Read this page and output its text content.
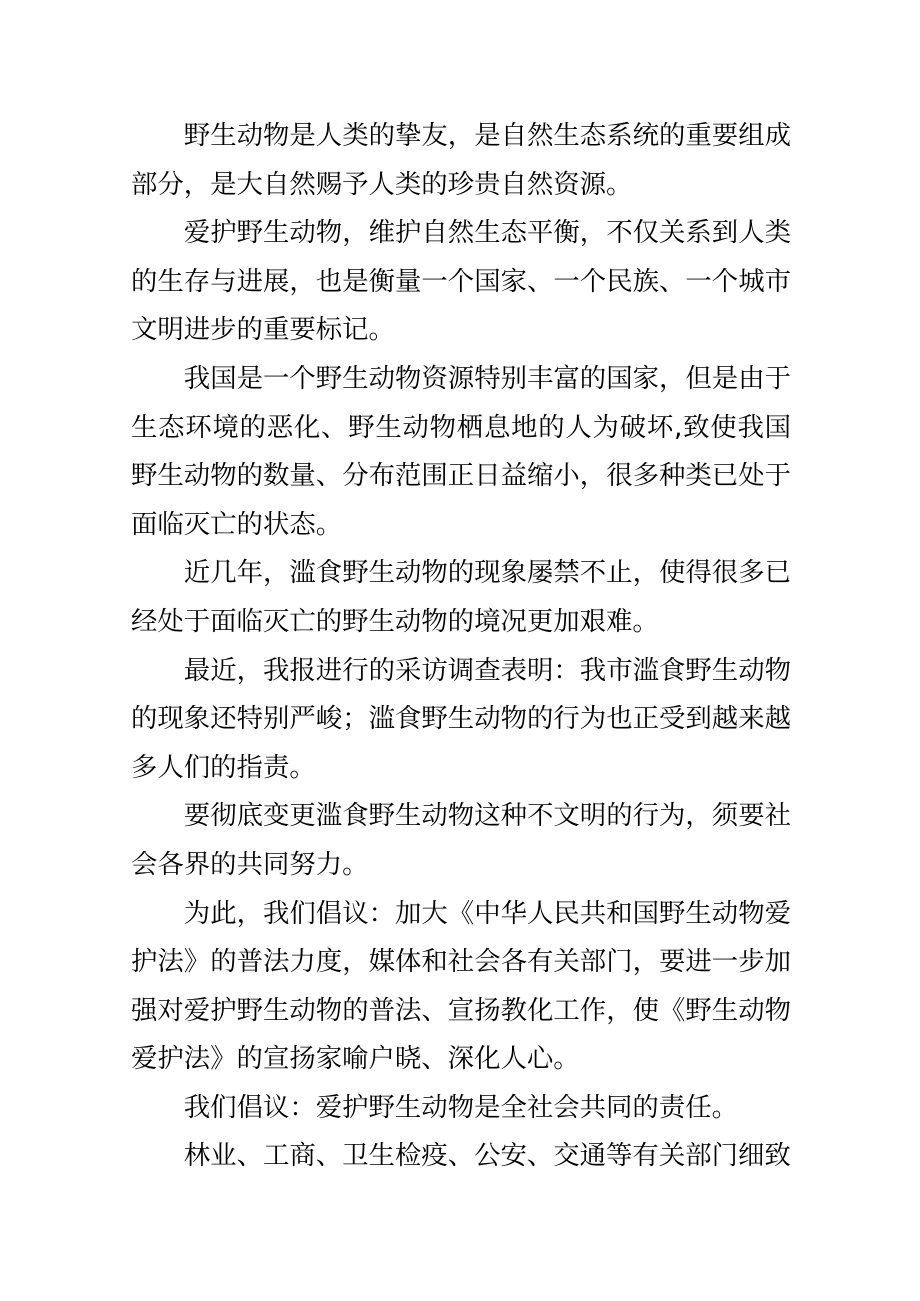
野生动物是人类的挚友，是自然生态系统的重要组成部分，是大自然赐予人类的珍贵自然资源。

爱护野生动物，维护自然生态平衡，不仅关系到人类的生存与进展，也是衡量一个国家、一个民族、一个城市文明进步的重要标记。

我国是一个野生动物资源特别丰富的国家，但是由于生态环境的恶化、野生动物栖息地的人为破坏,致使我国野生动物的数量、分布范围正日益缩小，很多种类已处于面临灭亡的状态。

近几年，滥食野生动物的现象屡禁不止，使得很多已经处于面临灭亡的野生动物的境况更加艰难。

最近，我报进行的采访调查表明：我市滥食野生动物的现象还特别严峻；滥食野生动物的行为也正受到越来越多人们的指责。

要彻底变更滥食野生动物这种不文明的行为，须要社会各界的共同努力。

为此，我们倡议：加大《中华人民共和国野生动物爱护法》的普法力度，媒体和社会各有关部门，要进一步加强对爱护野生动物的普法、宣扬教化工作，使《野生动物爱护法》的宣扬家喻户晓、深化人心。

我们倡议：爱护野生动物是全社会共同的责任。

林业、工商、卫生检疫、公安、交通等有关部门细致
